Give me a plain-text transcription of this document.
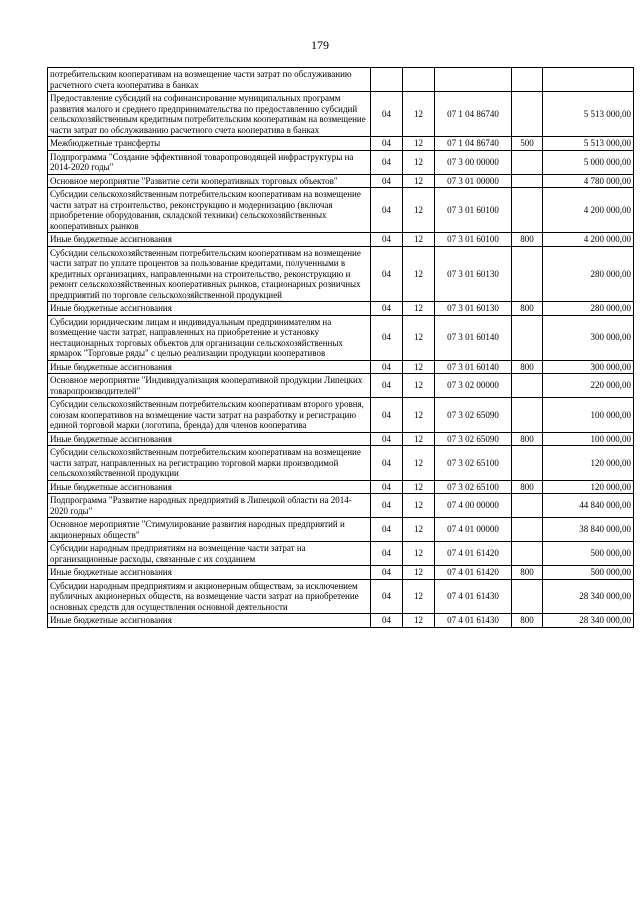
179
потребительским кооперативам на возмещение части затрат по обслуживанию расчетного счета кооператива в банках					
Предоставление субсидий на софинансирование муниципальных программ развития малого и среднего предпринимательства по предоставлению субсидий сельскохозяйственным кредитным потребительским кооперативам на возмещение части затрат по обслуживанию расчетного счета кооператива в банках	04	12	07 1 04 86740		5 513 000,00
Межбюджетные трансферты	04	12	07 1 04 86740	500	5 513 000,00
Подпрограмма "Создание эффективной товаропроводящей инфраструктуры на 2014-2020 годы"	04	12	07 3 00 00000		5 000 000,00
Основное мероприятие "Развитие сети кооперативных торговых объектов"	04	12	07 3 01 00000		4 780 000,00
Субсидии сельскохозяйственным потребительским кооперативам на возмещение части затрат на строительство, реконструкцию и модернизацию (включая приобретение оборудования, складской техники) сельскохозяйственных кооперативных рынков	04	12	07 3 01 60100		4 200 000,00
Иные бюджетные ассигнования	04	12	07 3 01 60100	800	4 200 000,00
Субсидии сельскохозяйственным потребительским кооперативам на возмещение части затрат по уплате процентов за пользование кредитами, полученными в кредитных организациях, направленными на строительство, реконструкцию и ремонт сельскохозяйственных кооперативных рынков, стационарных розничных предприятий по торговле сельскохозяйственной продукцией	04	12	07 3 01 60130		280 000,00
Иные бюджетные ассигнования	04	12	07 3 01 60130	800	280 000,00
Субсидии юридическим лицам и индивидуальным предпринимателям на возмещение части затрат, направленных на приобретение и установку нестационарных торговых объектов для организации сельскохозяйственных ярмарок "Торговые ряды" с целью реализации продукции кооперативов	04	12	07 3 01 60140		300 000,00
Иные бюджетные ассигнования	04	12	07 3 01 60140	800	300 000,00
Основное мероприятие "Индивидуализация кооперативной продукции Липецких товаропроизводителей"	04	12	07 3 02 00000		220 000,00
Субсидии сельскохозяйственным потребительским кооперативам второго уровня, союзам кооперативов на возмещение части затрат на разработку и регистрацию единой торговой марки (логотипа, бренда) для членов кооператива	04	12	07 3 02 65090		100 000,00
Иные бюджетные ассигнования	04	12	07 3 02 65090	800	100 000,00
Субсидии сельскохозяйственным потребительским кооперативам на возмещение части затрат, направленных на регистрацию торговой марки производимой сельскохозяйственной продукции	04	12	07 3 02 65100		120 000,00
Иные бюджетные ассигнования	04	12	07 3 02 65100	800	120 000,00
Подпрограмма "Развитие народных предприятий в Липецкой области на 2014-2020 годы"	04	12	07 4 00 00000		44 840 000,00
Основное мероприятие "Стимулирование развития народных предприятий и акционерных обществ"	04	12	07 4 01 00000		38 840 000,00
Субсидии народным предприятиям на возмещение части затрат на организационные расходы, связанные с их созданием	04	12	07 4 01 61420		500 000,00
Иные бюджетные ассигнования	04	12	07 4 01 61420	800	500 000,00
Субсидии народным предприятиям и акционерным обществам, за исключением публичных акционерных обществ, на возмещение части затрат на приобретение основных средств для осуществления основной деятельности	04	12	07 4 01 61430		28 340 000,00
Иные бюджетные ассигнования	04	12	07 4 01 61430	800	28 340 000,00
